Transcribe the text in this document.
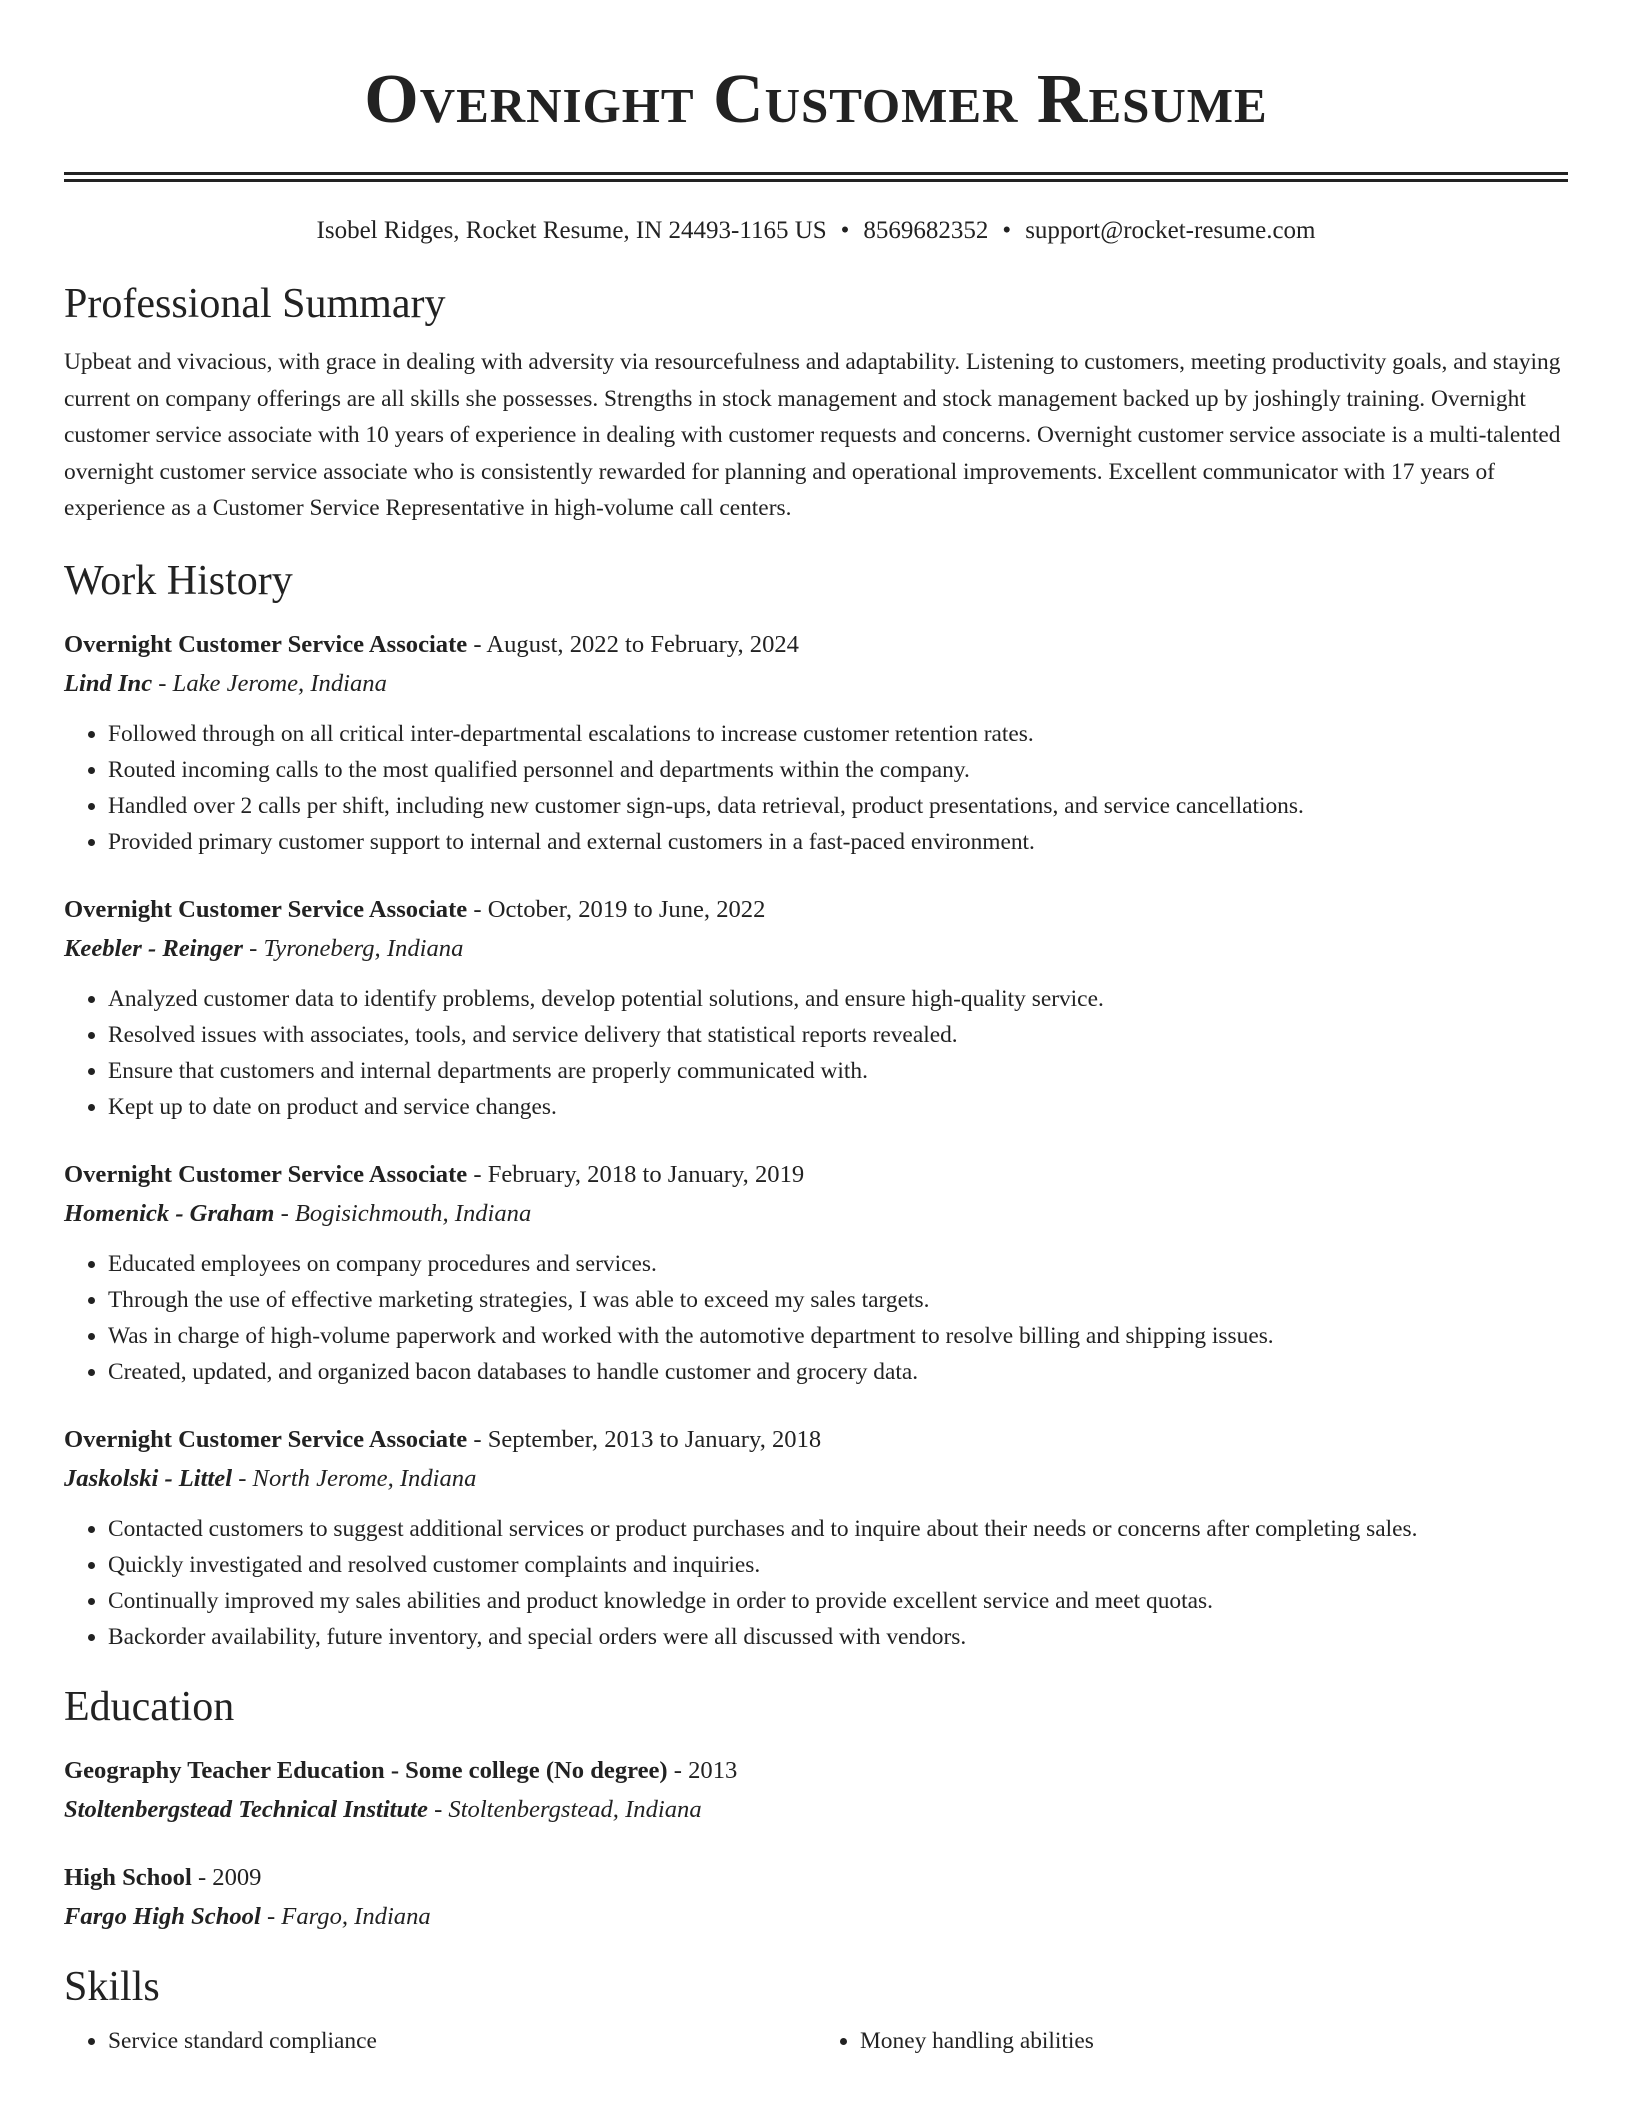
Overnight Customer Resume
Isobel Ridges, Rocket Resume, IN 24493-1165 US • 8569682352 • support@rocket-resume.com
Professional Summary
Upbeat and vivacious, with grace in dealing with adversity via resourcefulness and adaptability. Listening to customers, meeting productivity goals, and staying current on company offerings are all skills she possesses. Strengths in stock management and stock management backed up by joshingly training. Overnight customer service associate with 10 years of experience in dealing with customer requests and concerns. Overnight customer service associate is a multi-talented overnight customer service associate who is consistently rewarded for planning and operational improvements. Excellent communicator with 17 years of experience as a Customer Service Representative in high-volume call centers.
Work History
Overnight Customer Service Associate - August, 2022 to February, 2024
Lind Inc - Lake Jerome, Indiana
• Followed through on all critical inter-departmental escalations to increase customer retention rates.
• Routed incoming calls to the most qualified personnel and departments within the company.
• Handled over 2 calls per shift, including new customer sign-ups, data retrieval, product presentations, and service cancellations.
• Provided primary customer support to internal and external customers in a fast-paced environment.
Overnight Customer Service Associate - October, 2019 to June, 2022
Keebler - Reinger - Tyroneberg, Indiana
• Analyzed customer data to identify problems, develop potential solutions, and ensure high-quality service.
• Resolved issues with associates, tools, and service delivery that statistical reports revealed.
• Ensure that customers and internal departments are properly communicated with.
• Kept up to date on product and service changes.
Overnight Customer Service Associate - February, 2018 to January, 2019
Homenick - Graham - Bogisichmouth, Indiana
• Educated employees on company procedures and services.
• Through the use of effective marketing strategies, I was able to exceed my sales targets.
• Was in charge of high-volume paperwork and worked with the automotive department to resolve billing and shipping issues.
• Created, updated, and organized bacon databases to handle customer and grocery data.
Overnight Customer Service Associate - September, 2013 to January, 2018
Jaskolski - Littel - North Jerome, Indiana
• Contacted customers to suggest additional services or product purchases and to inquire about their needs or concerns after completing sales.
• Quickly investigated and resolved customer complaints and inquiries.
• Continually improved my sales abilities and product knowledge in order to provide excellent service and meet quotas.
• Backorder availability, future inventory, and special orders were all discussed with vendors.
Education
Geography Teacher Education - Some college (No degree) - 2013
Stoltenbergstead Technical Institute - Stoltenbergstead, Indiana
High School - 2009
Fargo High School - Fargo, Indiana
Skills
• Service standard compliance
•	Money handling abilities
